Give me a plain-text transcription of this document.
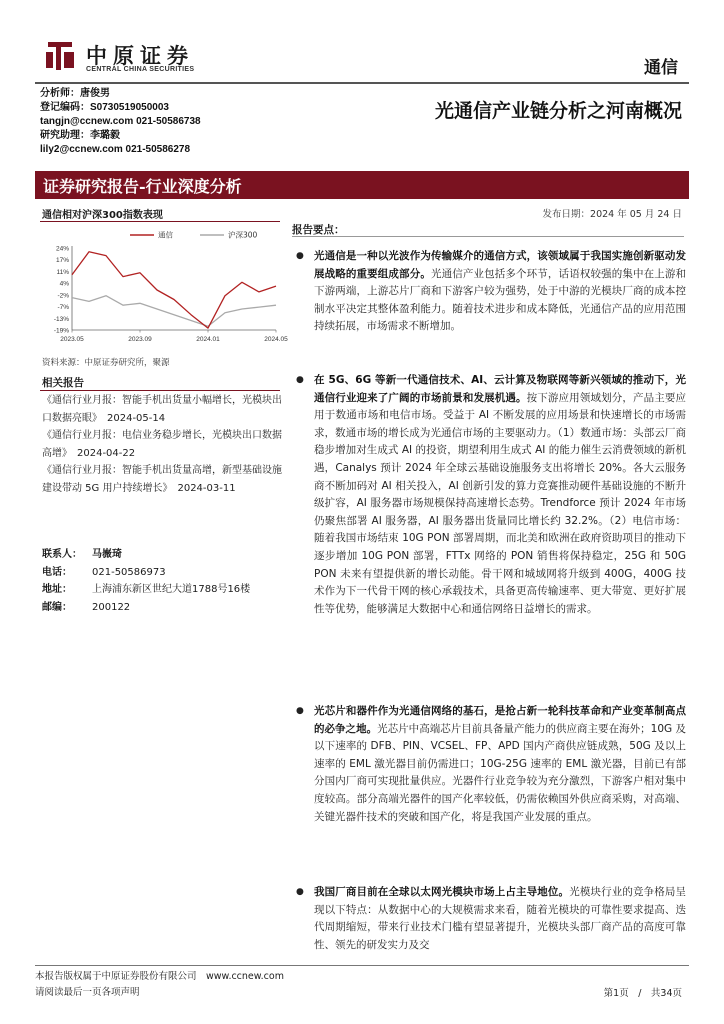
中原证券
CENTRAL CHINA SECURITIES	通信
分析师：唐俊男
登记编码：S0730519050003
tangjn@ccnew.com 021-50586738
研究助理：李璐毅
lily2@ccnew.com 021-50586278
光通信产业链分析之河南概况
证券研究报告-行业深度分析
通信相对沪深300指数表现	发布日期：2024 年 05 月 24 日
24%
17%
11%
4%
-2%
-7%
-13%
-19%
2023.05	2023.09	2024.01	2024.05
通信	沪深300
资料来源：中原证券研究所，聚源
相关报告
《通信行业月报：智能手机出货量小幅增长，光模块出口数据亮眼》　2024-05-14
《通信行业月报：电信业务稳步增长，光模块出口数据高增》　2024-04-22
《通信行业月报：智能手机出货量高增，新型基础设施建设带动 5G 用户持续增长》　2024-03-11
联系人：	马嶶琦
电话：	021-50586973
地址：	上海浦东新区世纪大道1788号16楼
邮编：	200122
报告要点：
● 光通信是一种以光波作为传输媒介的通信方式，该领域属于我国实施创新驱动发展战略的重要组成部分。光通信产业包括多个环节，话语权较强的集中在上游和下游两端，上游芯片厂商和下游客户较为强势，处于中游的光模块厂商的成本控制水平决定其整体盈利能力。随着技术进步和成本降低，光通信产品的应用范围持续拓展，市场需求不断增加。
● 在 5G、6G 等新一代通信技术、AI、云计算及物联网等新兴领域的推动下，光通信行业迎来了广阔的市场前景和发展机遇。按下游应用领域划分，产品主要应用于数通市场和电信市场。受益于 AI 不断发展的应用场景和快速增长的市场需求，数通市场的增长成为光通信市场的主要驱动力。（1）数通市场：头部云厂商稳步增加对生成式 AI 的投资，期望利用生成式 AI 的能力催生云消费领域的新机遇，Canalys 预计 2024 年全球云基础设施服务支出将增长 20%。各大云服务商不断加码对 AI 相关投入，AI 创新引发的算力竞赛推动硬件基础设施的不断升级扩容，AI 服务器市场规模保持高速增长态势。Trendforce 预计 2024 年市场仍聚焦部署 AI 服务器，AI 服务器出货量同比增长约 32.2%。（2）电信市场：随着我国市场结束 10G PON 部署周期，而北美和欧洲在政府资助项目的推动下逐步增加 10G PON 部署，FTTx 网络的 PON 销售将保持稳定，25G 和 50G PON 未来有望提供新的增长动能。骨干网和城域网将升级到 400G，400G 技术作为下一代骨干网的核心承载技术，具备更高传输速率、更大带宽、更好扩展性等优势，能够满足大数据中心和通信网络日益增长的需求。
● 光芯片和器件作为光通信网络的基石，是抢占新一轮科技革命和产业变革制高点的必争之地。光芯片中高端芯片目前具备量产能力的供应商主要在海外；10G 及以下速率的 DFB、PIN、VCSEL、FP、APD 国内产商供应链成熟，50G 及以上速率的 EML 激光器目前仍需进口；10G-25G 速率的 EML 激光器，目前已有部分国内厂商可实现批量供应。光器件行业竞争较为充分激烈，下游客户相对集中度较高。部分高端光器件的国产化率较低，仍需依赖国外供应商采购，对高端、关键光器件技术的突破和国产化，将是我国产业发展的重点。
● 我国厂商目前在全球以太网光模块市场上占主导地位。光模块行业的竞争格局呈现以下特点：从数据中心的大规模需求来看，随着光模块的可靠性要求提高、迭代周期缩短，带来行业技术门槛有望显著提升，光模块头部厂商产品的高度可靠性、领先的研发实力及交
本报告版权属于中原证券股份有限公司　www.ccnew.com
请阅读最后一页各项声明	第1页　/　共34页
